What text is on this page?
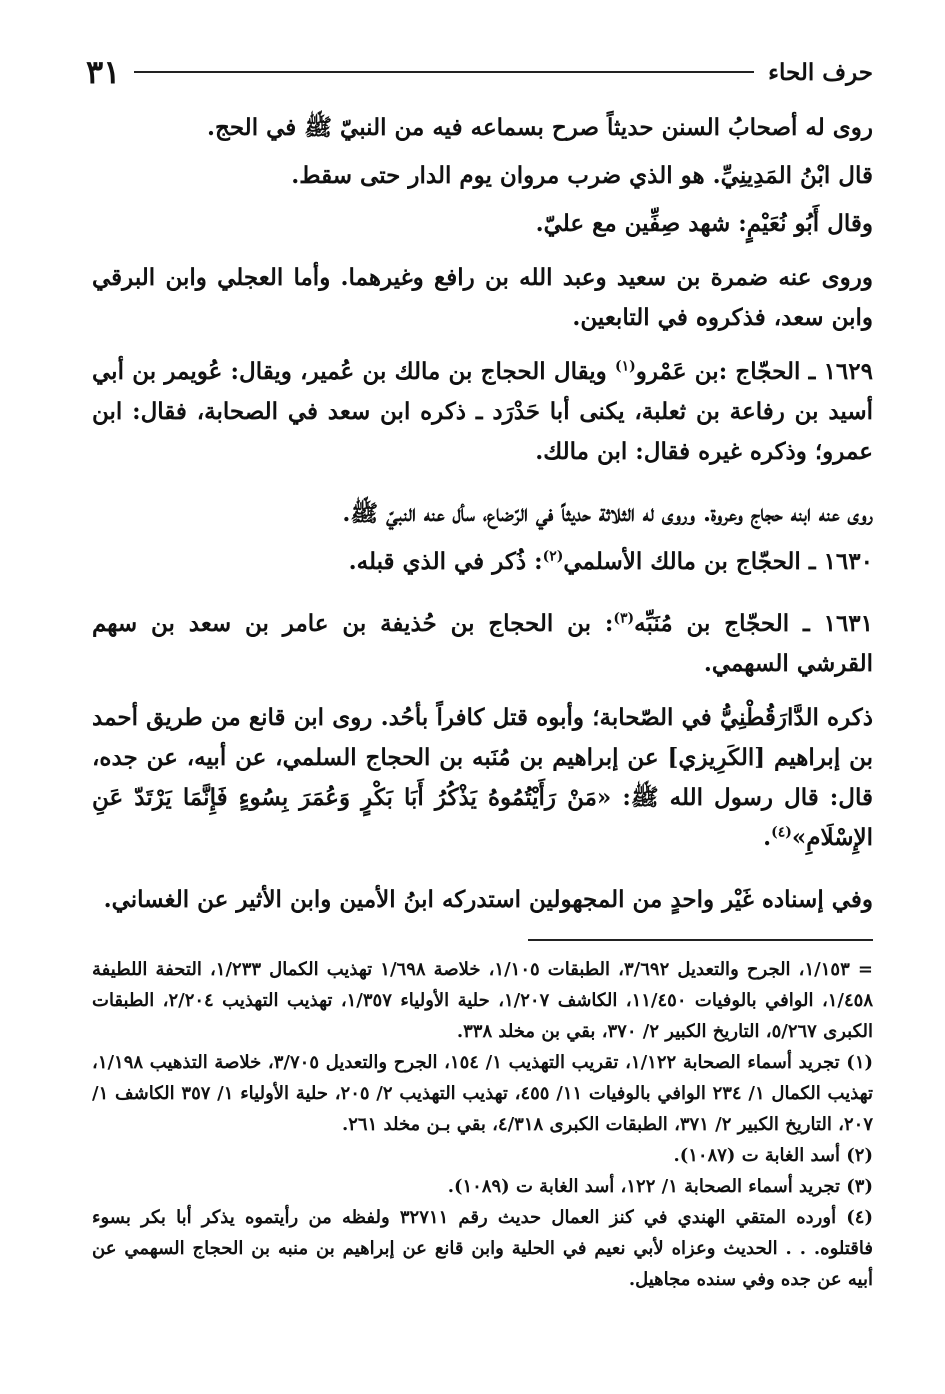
حرف الحاء
٣١

روى له أصحابُ السنن حديثاً صرح بسماعه فيه من النبيّ ﷺ في الحج.

قال ابْنُ المَدِينِيِّ. هو الذي ضرب مروان يوم الدار حتى سقط.

وقال أَبُو نُعَيْمٍ: شهد صِفِّين مع عليّ.

وروى عنه ضمرة بن سعيد وعبد الله بن رافع وغيرهما. وأما العجلي وابن البرقي وابن سعد، فذكروه في التابعين.

١٦٢٩ ـ الحجّاج :بن عَمْرو$^{(١)}$ ويقال الحجاج بن مالك بن عُمير، ويقال: عُويمر بن أبي أسيد بن رفاعة بن ثعلبة، يكنى أبا حَدْرَد ـ ذكره ابن سعد في الصحابة، فقال: ابن عمرو؛ وذكره غيره فقال: ابن مالك.

روى عنه ابنه حجاج وعروة. وروى له الثلاثة حديثاً في الرّضاع، سأل عنه النبيّ ﷺ.

١٦٣٠ ـ الحجّاج بن مالك الأسلمي$^{(٢)}$: ذُكر في الذي قبله.

١٦٣١ ـ الحجّاج بن مُنَبِّه$^{(٣)}$: بن الحجاج بن حُذيفة بن عامر بن سعد بن سهم القرشي السهمي.

ذكره الدَّارَقُطْنِيُّ في الصّحابة؛ وأبوه قتل كافراً بأحُد. روى ابن قانع من طريق أحمد بن إبراهيم [الكَرِيزي] عن إبراهيم بن مُنَبه بن الحجاج السلمي، عن أبيه، عن جده، قال: قال رسول الله ﷺ: «مَنْ رَأَيْتُمُوهُ يَذْكُرُ أَبَا بَكْرٍ وَعُمَرَ بِسُوءٍ فَإِنَّمَا يَرْتَدّ عَنِ الإِسْلَامِ»$^{(٤)}$.

وفي إسناده غَيْر واحدٍ من المجهولين استدركه ابنُ الأمين وابن الأثير عن الغساني.

= ١/١٥٣، الجرح والتعديل ٣/٦٩٢، الطبقات ١/١٠٥، خلاصة ١/٦٩٨ تهذيب الكمال ١/٢٣٣، التحفة اللطيفة ١/٤٥٨، الوافي بالوفيات ١١/٤٥٠، الكاشف ١/٢٠٧، حلية الأولياء ١/٣٥٧، تهذيب التهذيب ٢/٢٠٤، الطبقات الكبرى ٥/٢٦٧، التاريخ الكبير ٢/ ٣٧٠، بقي بن مخلد ٣٣٨.

(١) تجريد أسماء الصحابة ١/١٢٢، تقريب التهذيب ١/ ١٥٤، الجرح والتعديل ٣/٧٠٥، خلاصة التذهيب ١/١٩٨، تهذيب الكمال ١/ ٢٣٤ الوافي بالوفيات ١١/ ٤٥٥، تهذيب التهذيب ٢/ ٢٠٥، حلية الأولياء ١/ ٣٥٧ الكاشف ١/ ٢٠٧، التاريخ الكبير ٢/ ٣٧١، الطبقات الكبرى ٤/٣١٨، بقي بـن مخلد ٢٦١.

(٢) أسد الغابة ت (١٠٨٧).

(٣) تجريد أسماء الصحابة ١/ ١٢٢، أسد الغابة ت (١٠٨٩).

(٤) أورده المتقي الهندي في كنز العمال حديث رقم ٣٢٧١١ ولفظه من رأيتموه يذكر أبا بكر بسوء فاقتلوه. . . الحديث وعزاه لأبي نعيم في الحلية وابن قانع عن إبراهيم بن منبه بن الحجاج السهمي عن أبيه عن جده وفي سنده مجاهيل.
